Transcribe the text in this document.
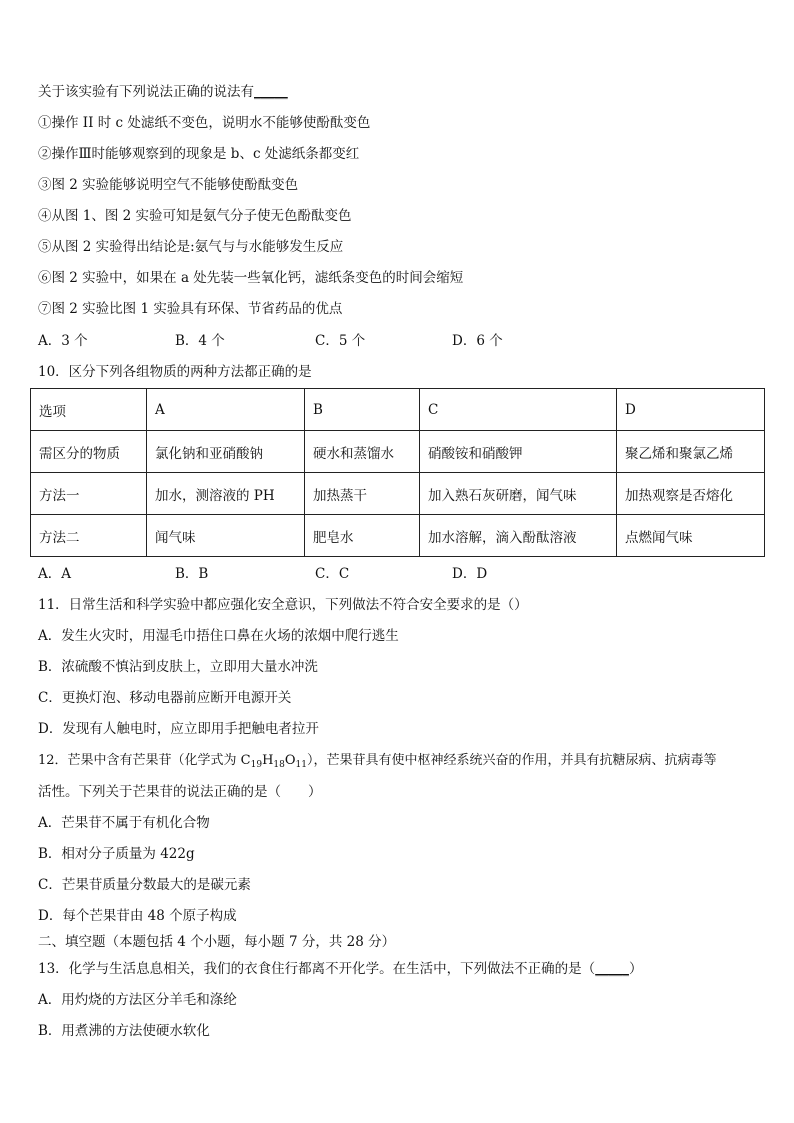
关于该实验有下列说法正确的说法有_____
①操作 II 时 c 处滤纸不变色，说明水不能够使酚酞变色
②操作Ⅲ时能够观察到的现象是 b、c 处滤纸条都变红
③图 2 实验能够说明空气不能够使酚酞变色
④从图 1、图 2 实验可知是氨气分子使无色酚酞变色
⑤从图 2 实验得出结论是:氨气与与水能够发生反应
⑥图 2 实验中，如果在 a 处先装一些氧化钙，滤纸条变色的时间会缩短
⑦图 2 实验比图 1 实验具有环保、节省药品的优点
A．3 个	B．4 个	C．5 个	D．6 个
10．区分下列各组物质的两种方法都正确的是
选项	A	B	C	D
需区分的物质	氯化钠和亚硝酸钠	硬水和蒸馏水	硝酸铵和硝酸钾	聚乙烯和聚氯乙烯
方法一	加水，测溶液的 PH	加热蒸干	加入熟石灰研磨，闻气味	加热观察是否熔化
方法二	闻气味	肥皂水	加水溶解，滴入酚酞溶液	点燃闻气味
A．A	B．B	C．C	D．D
11．日常生活和科学实验中都应强化安全意识，下列做法不符合安全要求的是（）
A．发生火灾时，用湿毛巾捂住口鼻在火场的浓烟中爬行逃生
B．浓硫酸不慎沾到皮肤上，立即用大量水冲洗
C．更换灯泡、移动电器前应断开电源开关
D．发现有人触电时，应立即用手把触电者拉开
12．芒果中含有芒果苷（化学式为 $C_{19}H_{18}O_{11}$），芒果苷具有使中枢神经系统兴奋的作用，并具有抗糖尿病、抗病毒等
活性。下列关于芒果苷的说法正确的是（　　）
A．芒果苷不属于有机化合物
B．相对分子质量为 422g
C．芒果苷质量分数最大的是碳元素
D．每个芒果苷由 48 个原子构成
二、填空题（本题包括 4 个小题，每小题 7 分，共 28 分）
13．化学与生活息息相关，我们的衣食住行都离不开化学。在生活中，下列做法不正确的是（_____）
A．用灼烧的方法区分羊毛和涤纶
B．用煮沸的方法使硬水软化
